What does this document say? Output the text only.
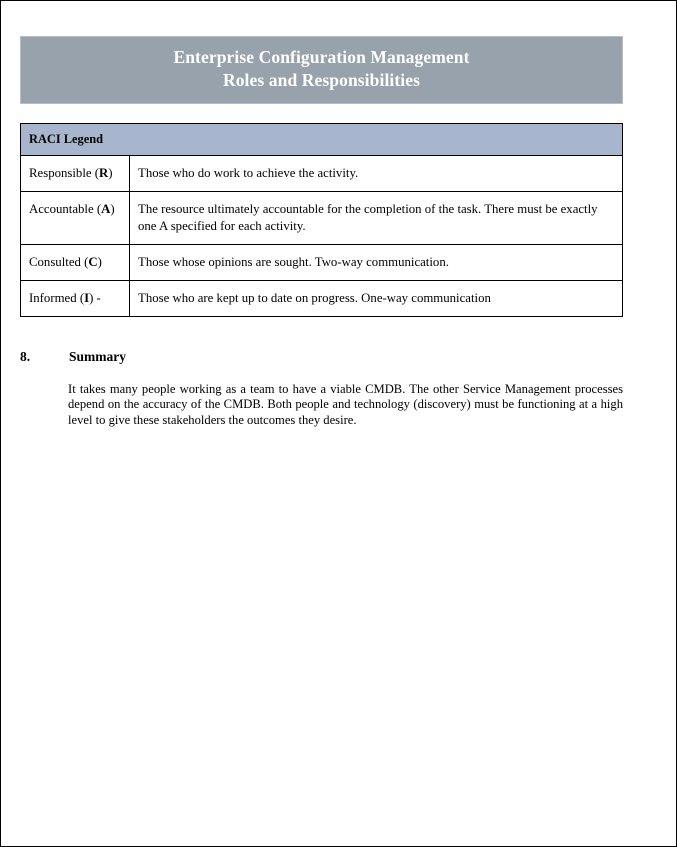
Enterprise Configuration Management
Roles and Responsibilities
RACI Legend	
Responsible (R)	Those who do work to achieve the activity.
Accountable (A)	The resource ultimately accountable for the completion of the task. There must be exactly one A specified for each activity.
Consulted (C)	Those whose opinions are sought. Two-way communication.
Informed (I) -	Those who are kept up to date on progress. One-way communication
8.	Summary

It takes many people working as a team to have a viable CMDB. The other Service Management processes depend on the accuracy of the CMDB. Both people and technology (discovery) must be functioning at a high level to give these stakeholders the outcomes they desire.
